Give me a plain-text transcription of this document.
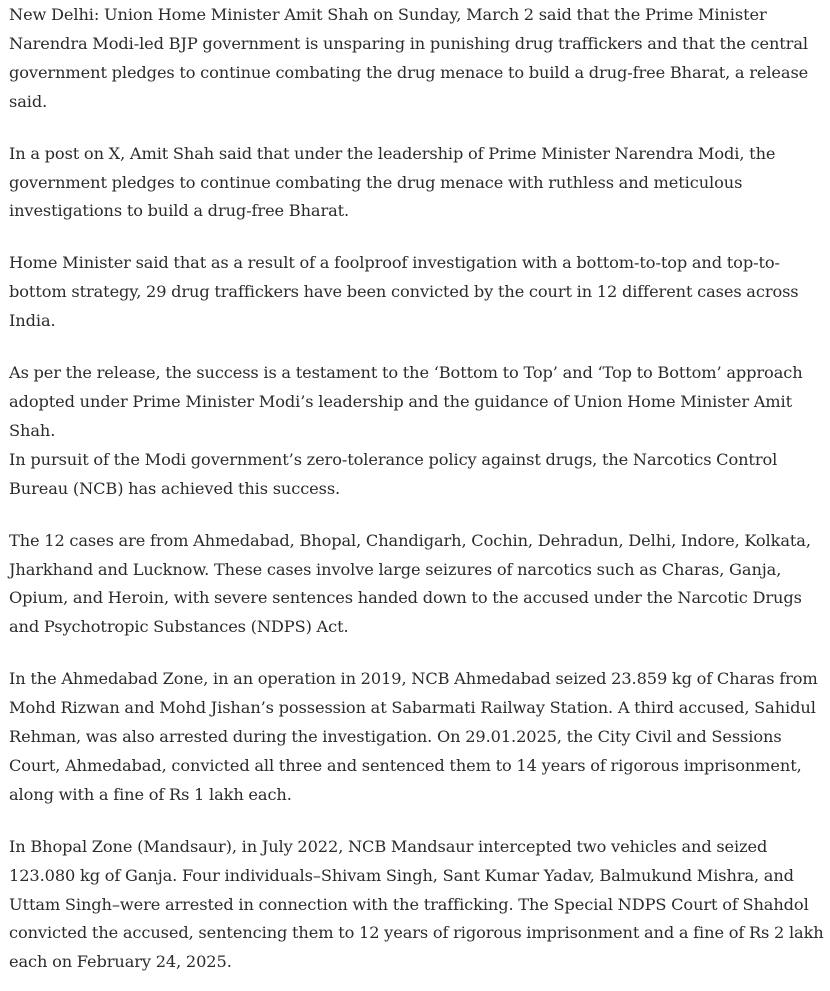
New Delhi: Union Home Minister Amit Shah on Sunday, March 2 said that the Prime Minister Narendra Modi-led BJP government is unsparing in punishing drug traffickers and that the central government pledges to continue combating the drug menace to build a drug-free Bharat, a release said.

In a post on X, Amit Shah said that under the leadership of Prime Minister Narendra Modi, the government pledges to continue combating the drug menace with ruthless and meticulous investigations to build a drug-free Bharat.

Home Minister said that as a result of a foolproof investigation with a bottom-to-top and top-to-bottom strategy, 29 drug traffickers have been convicted by the court in 12 different cases across India.

As per the release, the success is a testament to the ‘Bottom to Top’ and ‘Top to Bottom’ approach adopted under Prime Minister Modi’s leadership and the guidance of Union Home Minister Amit Shah.

In pursuit of the Modi government’s zero-tolerance policy against drugs, the Narcotics Control Bureau (NCB) has achieved this success.

The 12 cases are from Ahmedabad, Bhopal, Chandigarh, Cochin, Dehradun, Delhi, Indore, Kolkata, Jharkhand and Lucknow. These cases involve large seizures of narcotics such as Charas, Ganja, Opium, and Heroin, with severe sentences handed down to the accused under the Narcotic Drugs and Psychotropic Substances (NDPS) Act.

In the Ahmedabad Zone, in an operation in 2019, NCB Ahmedabad seized 23.859 kg of Charas from Mohd Rizwan and Mohd Jishan’s possession at Sabarmati Railway Station. A third accused, Sahidul Rehman, was also arrested during the investigation. On 29.01.2025, the City Civil and Sessions Court, Ahmedabad, convicted all three and sentenced them to 14 years of rigorous imprisonment, along with a fine of Rs 1 lakh each.

In Bhopal Zone (Mandsaur), in July 2022, NCB Mandsaur intercepted two vehicles and seized 123.080 kg of Ganja. Four individuals–Shivam Singh, Sant Kumar Yadav, Balmukund Mishra, and Uttam Singh–were arrested in connection with the trafficking. The Special NDPS Court of Shahdol convicted the accused, sentencing them to 12 years of rigorous imprisonment and a fine of Rs 2 lakh each on February 24, 2025.
